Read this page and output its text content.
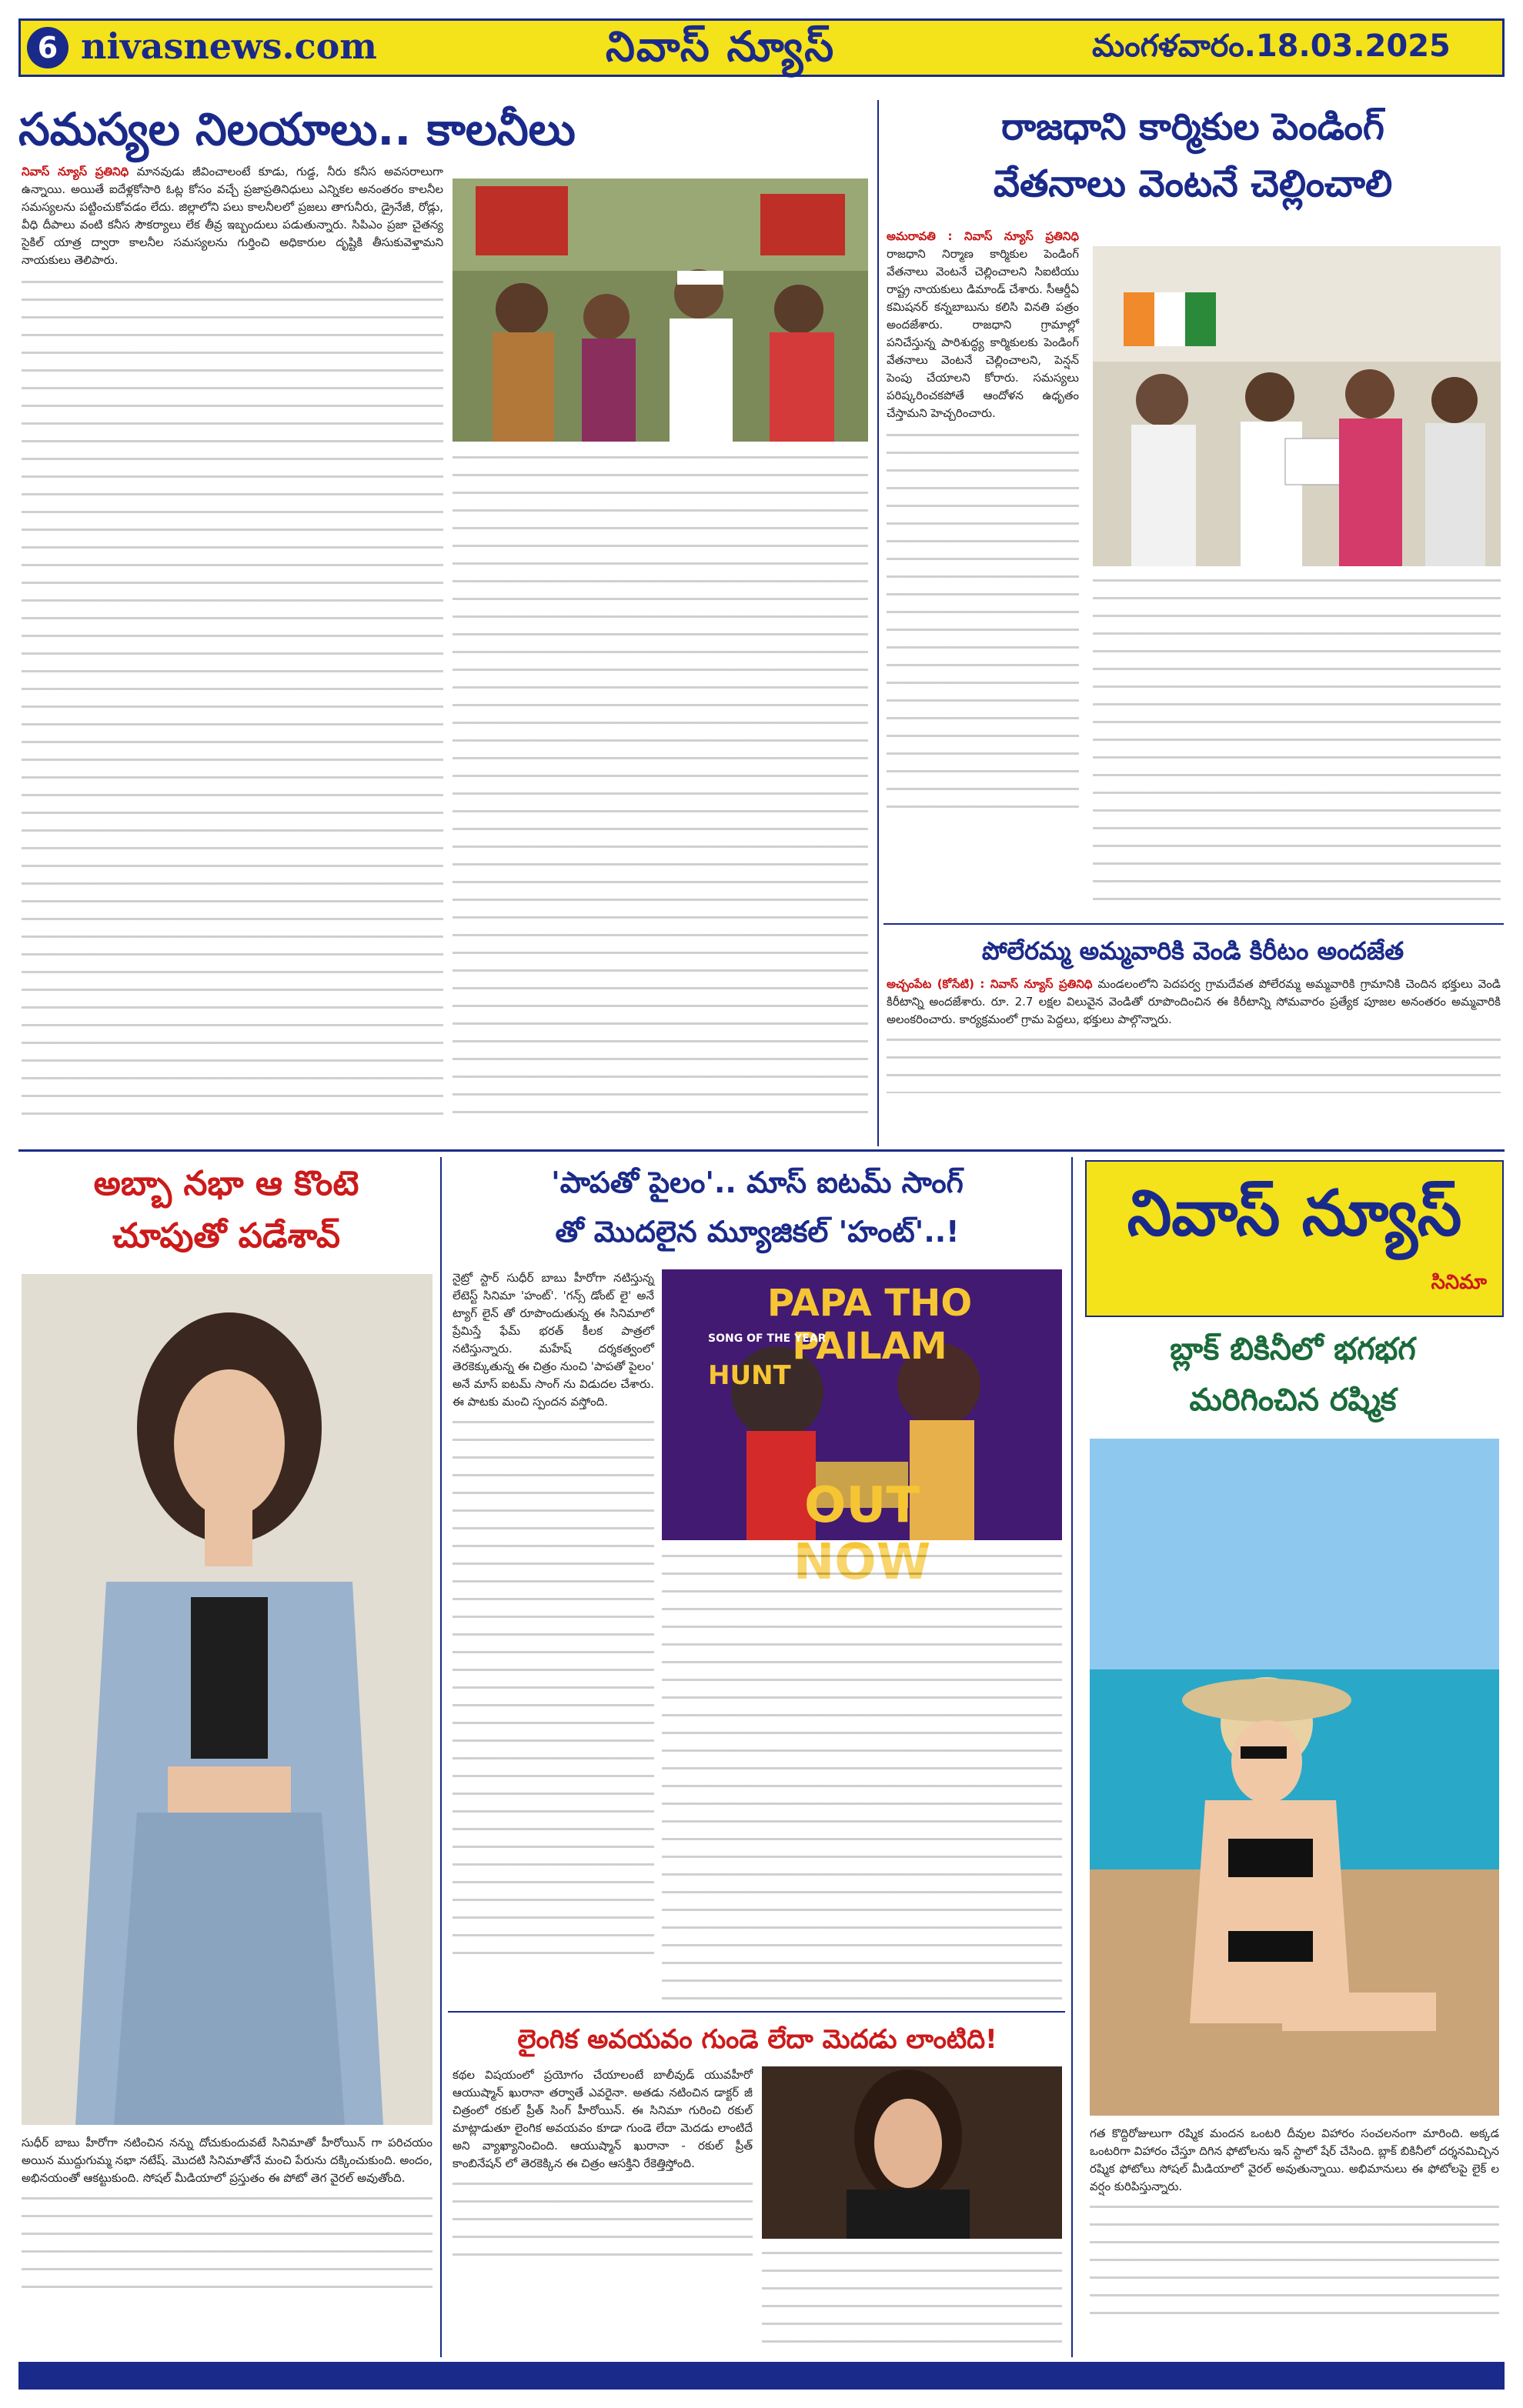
6 nivasnews.com	నివాస్ న్యూస్	మంగళవారం.18.03.2025
సమస్యల నిలయాలు.. కాలనీలు
నివాస్ న్యూస్ ప్రతినిధి మానవుడు జీవించాలంటే కూడు, గుడ్డ, నీరు కనీస అవసరాలుగా ఉన్నాయి. అయితే ఐదేళ్లకోసారి ఓట్ల కోసం వచ్చే ప్రజాప్రతినిధులు ఎన్నికల అనంతరం కాలనీల సమస్యలను పట్టించుకోవడం లేదు. జిల్లాలోని పలు కాలనీలలో ప్రజలు తాగునీరు, డ్రైనేజీ, రోడ్లు, వీధి దీపాలు వంటి కనీస సౌకర్యాలు లేక తీవ్ర ఇబ్బందులు పడుతున్నారు. సిపిఎం ప్రజా చైతన్య సైకిల్ యాత్ర ద్వారా కాలనీల సమస్యలను గుర్తించి అధికారుల దృష్టికి తీసుకువెళ్తామని నాయకులు తెలిపారు.
రాజధాని కార్మికుల పెండింగ్
వేతనాలు వెంటనే చెల్లించాలి
అమరావతి : నివాస్ న్యూస్ ప్రతినిధి రాజధాని నిర్మాణ కార్మికుల పెండింగ్ వేతనాలు వెంటనే చెల్లించాలని సిఐటియు రాష్ట్ర నాయకులు డిమాండ్ చేశారు. సీఆర్డీఏ కమిషనర్ కన్నబాబును కలిసి వినతి పత్రం అందజేశారు. రాజధాని గ్రామాల్లో పనిచేస్తున్న పారిశుద్ధ్య కార్మికులకు పెండింగ్ వేతనాలు వెంటనే చెల్లించాలని, పెన్షన్ పెంపు చేయాలని కోరారు. సమస్యలు పరిష్కరించకపోతే ఆందోళన ఉధృతం చేస్తామని హెచ్చరించారు.
పోలేరమ్మ అమ్మవారికి వెండి కిరీటం అందజేత
అచ్చంపేట (కోసేటి) : నివాస్ న్యూస్ ప్రతినిధి మండలంలోని పెదపర్వ గ్రామదేవత పోలేరమ్మ అమ్మవారికి గ్రామానికి చెందిన భక్తులు వెండి కిరీటాన్ని అందజేశారు. రూ. 2.7 లక్షల విలువైన వెండితో రూపొందించిన ఈ కిరీటాన్ని సోమవారం ప్రత్యేక పూజల అనంతరం అమ్మవారికి అలంకరించారు. కార్యక్రమంలో గ్రామ పెద్దలు, భక్తులు పాల్గొన్నారు.
అబ్బా నభా ఆ కొంటె
చూపుతో పడేశావ్
సుధీర్ బాబు హీరోగా నటించిన నన్ను దోచుకుందువటే సినిమాతో హీరోయిన్ గా పరిచయం అయిన ముద్దుగుమ్మ నభా నటేష్. మొదటి సినిమాతోనే మంచి పేరును దక్కించుకుంది. అందం, అభినయంతో ఆకట్టుకుంది. సోషల్ మీడియాలో ప్రస్తుతం ఈ పోటో తెగ వైరల్ అవుతోంది.
'పాపతో పైలం'.. మాస్ ఐటమ్ సాంగ్
తో మొదలైన మ్యూజికల్ 'హంట్'..!
నైట్రో స్టార్ సుధీర్ బాబు హీరోగా నటిస్తున్న లేటెస్ట్ సినిమా 'హంట్'. 'గన్స్ డోంట్ లై' అనే ట్యాగ్ లైన్ తో రూపొందుతున్న ఈ సినిమాలో ప్రేమిస్తే ఫేమ్ భరత్ కీలక పాత్రలో నటిస్తున్నారు. మహేష్ దర్శకత్వంలో తెరకెక్కుతున్న ఈ చిత్రం నుంచి 'పాపతో పైలం' అనే మాస్ ఐటమ్ సాంగ్ ను విడుదల చేశారు. ఈ పాటకు మంచి స్పందన వస్తోంది.
PAPA THO PAILAM
SONG OF THE YEAR
HUNT
OUT NOW
లైంగిక అవయవం గుండె లేదా మెదడు లాంటిది!
కథల విషయంలో ప్రయోగం చేయాలంటే బాలీవుడ్ యువహీరో ఆయుష్మాన్ ఖురానా తర్వాతే ఎవరైనా. అతడు నటించిన డాక్టర్ జీ చిత్రంలో రకుల్ ప్రీత్ సింగ్ హీరోయిన్. ఈ సినిమా గురించి రకుల్ మాట్లాడుతూ లైంగిక అవయవం కూడా గుండె లేదా మెదడు లాంటిదే అని వ్యాఖ్యానించింది. ఆయుష్మాన్ ఖురానా - రకుల్ ప్రీత్ కాంబినేషన్ లో తెరకెక్కిన ఈ చిత్రం ఆసక్తిని రేకెత్తిస్తోంది.
నివాస్ న్యూస్
సినిమా
బ్లాక్ బికినీలో భగభగ
మరిగించిన రష్మిక
గత కొద్దిరోజులుగా రష్మిక మందన ఒంటరి దీవుల విహారం సంచలనంగా మారింది. అక్కడ ఒంటరిగా విహారం చేస్తూ దిగిన ఫోటోలను ఇన్ స్టాలో షేర్ చేసింది. బ్లాక్ బికినీలో దర్శనమిచ్చిన రష్మిక ఫోటోలు సోషల్ మీడియాలో వైరల్ అవుతున్నాయి. అభిమానులు ఈ ఫోటోలపై లైక్ ల వర్షం కురిపిస్తున్నారు.
